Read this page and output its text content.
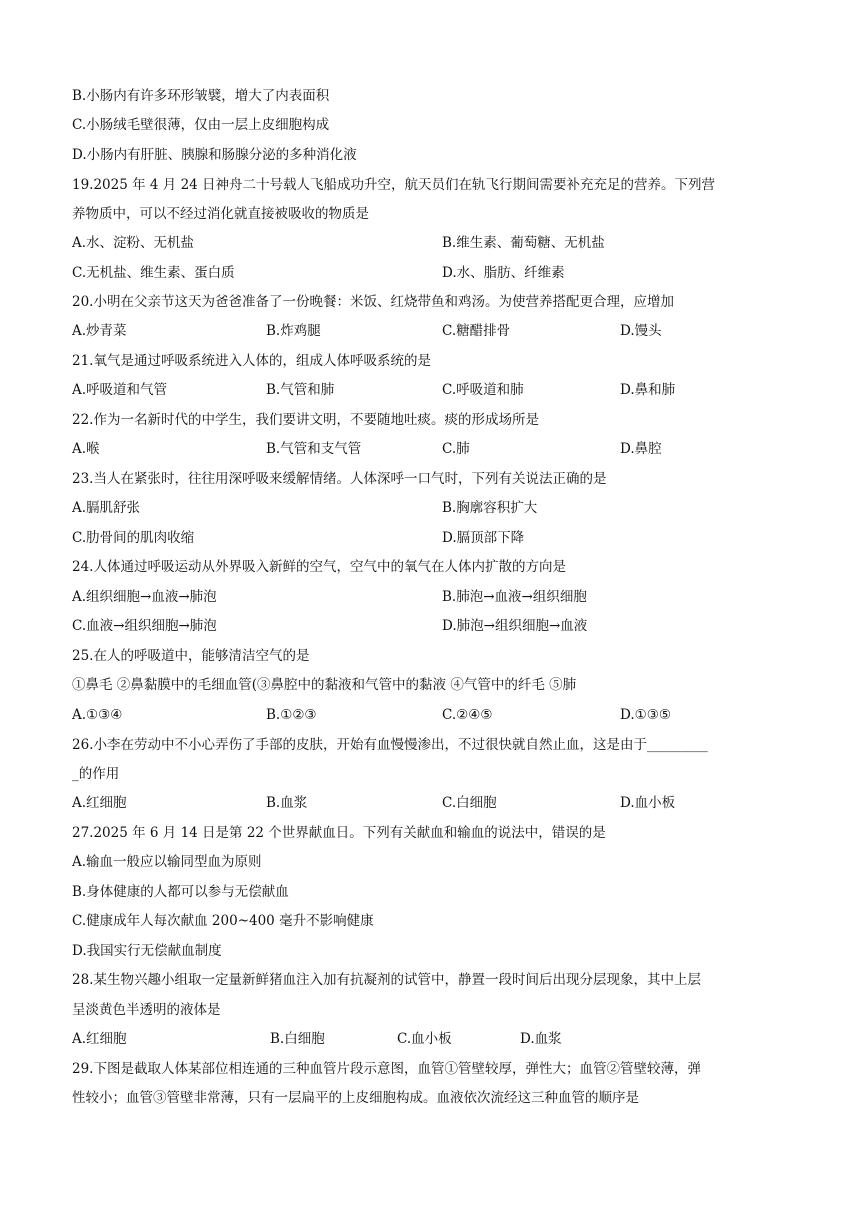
B.小肠内有许多环形皱襞，增大了内表面积
C.小肠绒毛壁很薄，仅由一层上皮细胞构成
D.小肠内有肝脏、胰腺和肠腺分泌的多种消化液
19.2025 年 4 月 24 日神舟二十号载人飞船成功升空，航天员们在轨飞行期间需要补充充足的营养。下列营
养物质中，可以不经过消化就直接被吸收的物质是
A.水、淀粉、无机盐	B.维生素、葡萄糖、无机盐
C.无机盐、维生素、蛋白质	D.水、脂肪、纤维素
20.小明在父亲节这天为爸爸准备了一份晚餐：米饭、红烧带鱼和鸡汤。为使营养搭配更合理，应增加
A.炒青菜	B.炸鸡腿	C.糖醋排骨	D.馒头
21.氧气是通过呼吸系统进入人体的，组成人体呼吸系统的是
A.呼吸道和气管	B.气管和肺	C.呼吸道和肺	D.鼻和肺
22.作为一名新时代的中学生，我们要讲文明，不要随地吐痰。痰的形成场所是
A.喉	B.气管和支气管	C.肺	D.鼻腔
23.当人在紧张时，往往用深呼吸来缓解情绪。人体深呼一口气时，下列有关说法正确的是
A.膈肌舒张	B.胸廓容积扩大
C.肋骨间的肌肉收缩	D.膈顶部下降
24.人体通过呼吸运动从外界吸入新鲜的空气，空气中的氧气在人体内扩散的方向是
A.组织细胞→血液→肺泡	B.肺泡→血液→组织细胞
C.血液→组织细胞→肺泡	D.肺泡→组织细胞→血液
25.在人的呼吸道中，能够清洁空气的是
①鼻毛 ②鼻黏膜中的毛细血管(③鼻腔中的黏液和气管中的黏液 ④气管中的纤毛 ⑤肺
A.①③④	B.①②③	C.②④⑤	D.①③⑤
26.小李在劳动中不小心弄伤了手部的皮肤，开始有血慢慢渗出，不过很快就自然止血，这是由于_________
_的作用
A.红细胞	B.血浆	C.白细胞	D.血小板
27.2025 年 6 月 14 日是第 22 个世界献血日。下列有关献血和输血的说法中，错误的是
A.输血一般应以输同型血为原则
B.身体健康的人都可以参与无偿献血
C.健康成年人每次献血 200~400 毫升不影响健康
D.我国实行无偿献血制度
28.某生物兴趣小组取一定量新鲜猪血注入加有抗凝剂的试管中，静置一段时间后出现分层现象，其中上层
呈淡黄色半透明的液体是
A.红细胞	B.白细胞	C.血小板	D.血浆
29.下图是截取人体某部位相连通的三种血管片段示意图，血管①管壁较厚，弹性大；血管②管壁较薄，弹
性较小；血管③管壁非常薄，只有一层扁平的上皮细胞构成。血液依次流经这三种血管的顺序是
